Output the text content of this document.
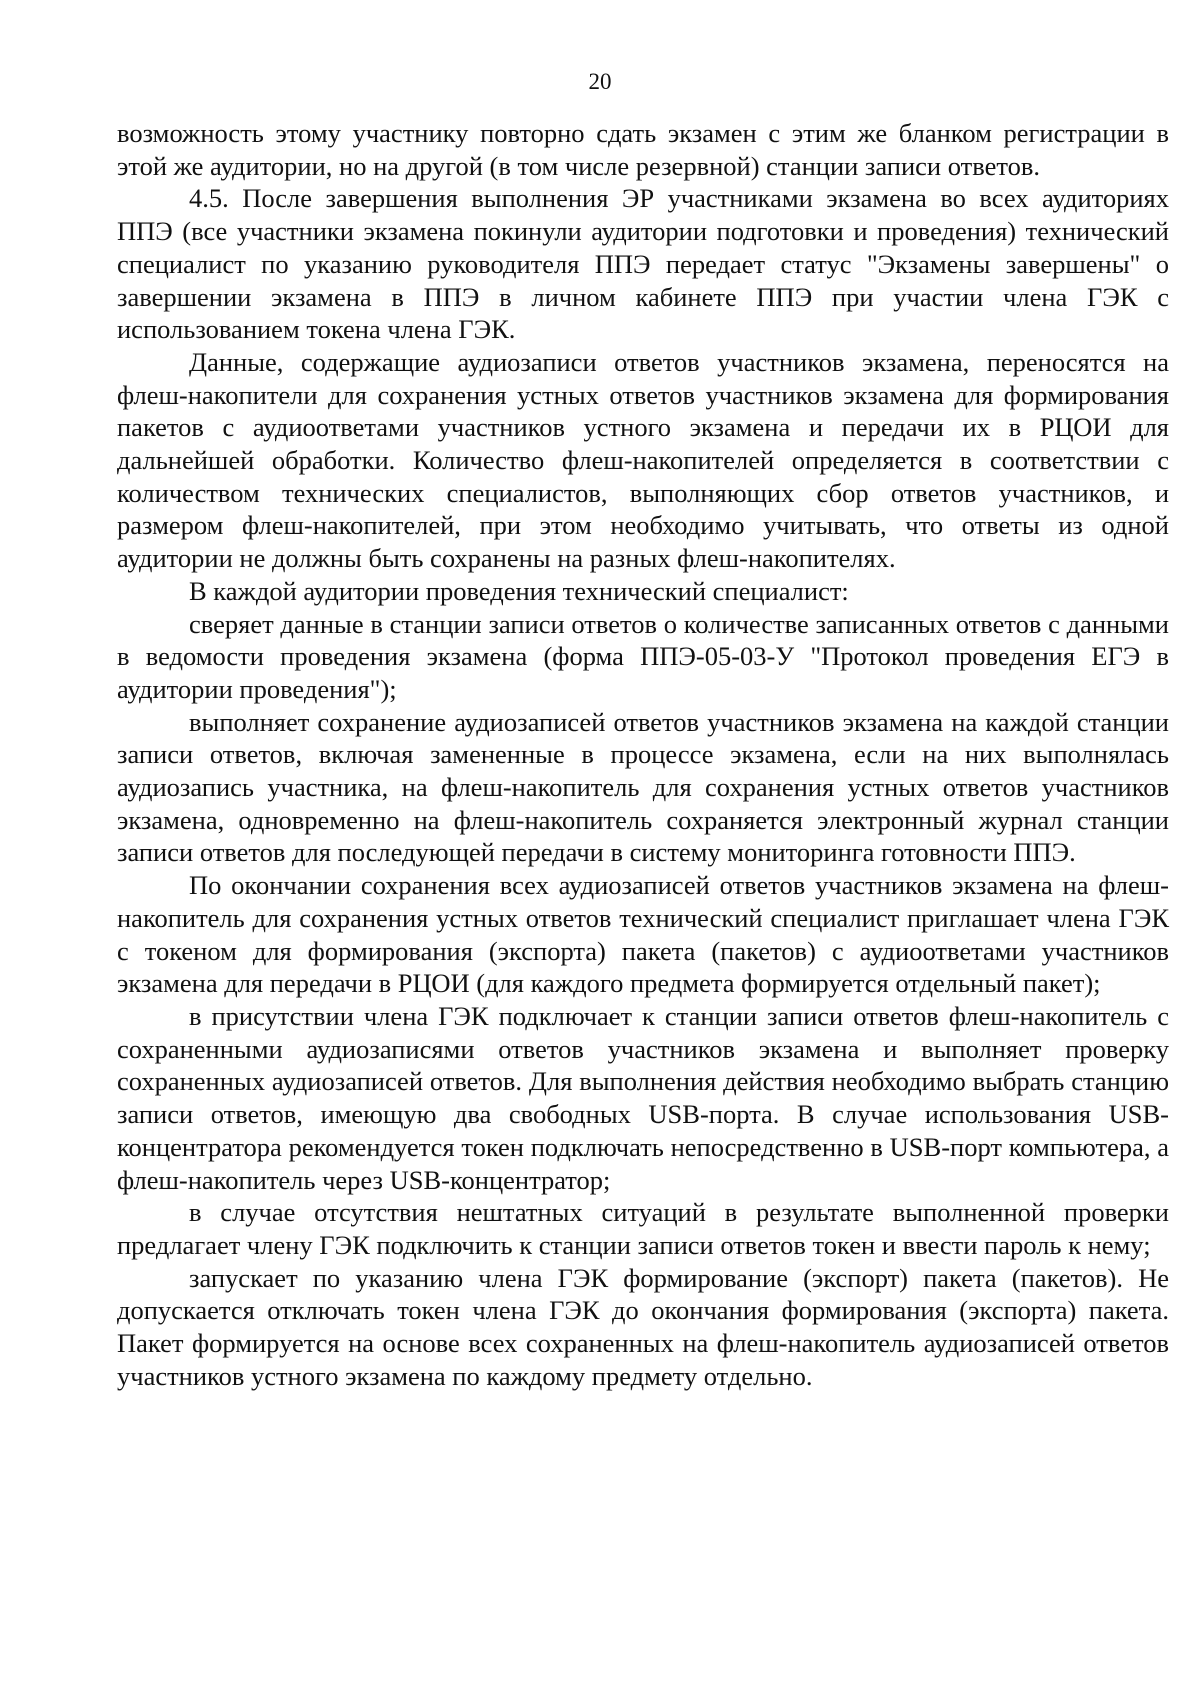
20

возможность этому участнику повторно сдать экзамен с этим же бланком регистрации в этой же аудитории, но на другой (в том числе резервной) станции записи ответов.

4.5. После завершения выполнения ЭР участниками экзамена во всех аудиториях ППЭ (все участники экзамена покинули аудитории подготовки и проведения) технический специалист по указанию руководителя ППЭ передает статус "Экзамены завершены" о завершении экзамена в ППЭ в личном кабинете ППЭ при участии члена ГЭК с использованием токена члена ГЭК.

Данные, содержащие аудиозаписи ответов участников экзамена, переносятся на флеш-накопители для сохранения устных ответов участников экзамена для формирования пакетов с аудиоответами участников устного экзамена и передачи их в РЦОИ для дальнейшей обработки. Количество флеш-накопителей определяется в соответствии с количеством технических специалистов, выполняющих сбор ответов участников, и размером флеш-накопителей, при этом необходимо учитывать, что ответы из одной аудитории не должны быть сохранены на разных флеш-накопителях.

В каждой аудитории проведения технический специалист:

сверяет данные в станции записи ответов о количестве записанных ответов с данными в ведомости проведения экзамена (форма ППЭ-05-03-У "Протокол проведения ЕГЭ в аудитории проведения");

выполняет сохранение аудиозаписей ответов участников экзамена на каждой станции записи ответов, включая замененные в процессе экзамена, если на них выполнялась аудиозапись участника, на флеш-накопитель для сохранения устных ответов участников экзамена, одновременно на флеш-накопитель сохраняется электронный журнал станции записи ответов для последующей передачи в систему мониторинга готовности ППЭ.

По окончании сохранения всех аудиозаписей ответов участников экзамена на флеш-накопитель для сохранения устных ответов технический специалист приглашает члена ГЭК с токеном для формирования (экспорта) пакета (пакетов) с аудиоответами участников экзамена для передачи в РЦОИ (для каждого предмета формируется отдельный пакет);

в присутствии члена ГЭК подключает к станции записи ответов флеш-накопитель с сохраненными аудиозаписями ответов участников экзамена и выполняет проверку сохраненных аудиозаписей ответов. Для выполнения действия необходимо выбрать станцию записи ответов, имеющую два свободных USB-порта. В случае использования USB-концентратора рекомендуется токен подключать непосредственно в USB-порт компьютера, а флеш-накопитель через USB-концентратор;

в случае отсутствия нештатных ситуаций в результате выполненной проверки предлагает члену ГЭК подключить к станции записи ответов токен и ввести пароль к нему;

запускает по указанию члена ГЭК формирование (экспорт) пакета (пакетов). Не допускается отключать токен члена ГЭК до окончания формирования (экспорта) пакета. Пакет формируется на основе всех сохраненных на флеш-накопитель аудиозаписей ответов участников устного экзамена по каждому предмету отдельно.
